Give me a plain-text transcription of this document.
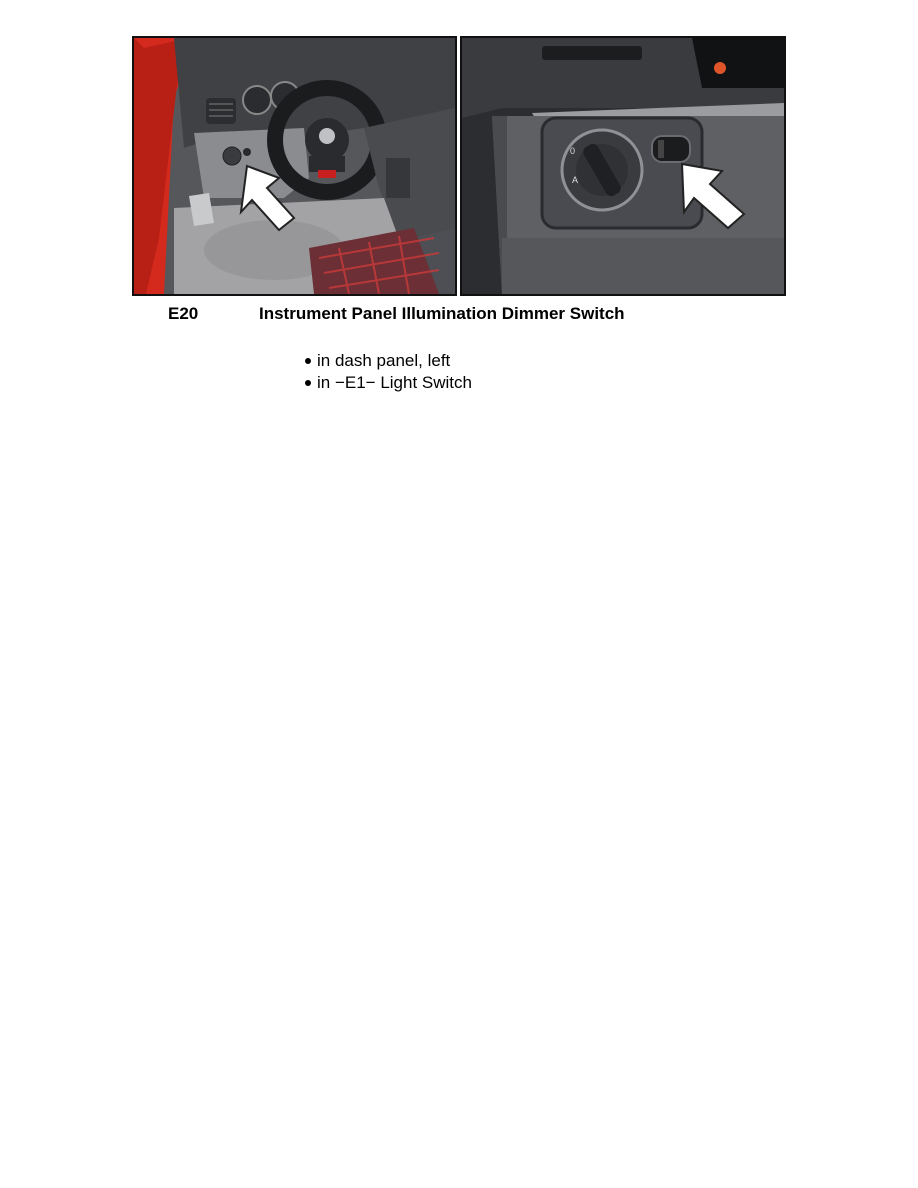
0
A
E20	Instrument Panel Illumination Dimmer Switch
in dash panel, left
in −E1− Light Switch
